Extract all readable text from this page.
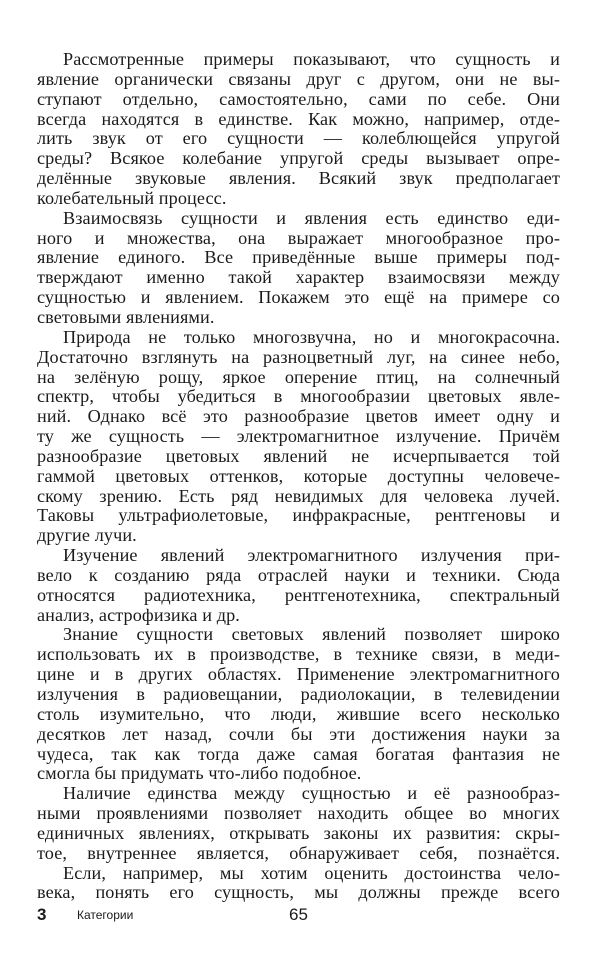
Рассмотренные примеры показывают, что сущность и
явление органически связаны друг с другом, они не вы-
ступают отдельно, самостоятельно, сами по себе. Они
всегда находятся в единстве. Как можно, например, отде-
лить звук от его сущности — колеблющейся упругой
среды? Всякое колебание упругой среды вызывает опре-
делённые звуковые явления. Всякий звук предполагает
колебательный процесс.
Взаимосвязь сущности и явления есть единство еди-
ного и множества, она выражает многообразное про-
явление единого. Все приведённые выше примеры под-
тверждают именно такой характер взаимосвязи между
сущностью и явлением. Покажем это ещё на примере со
световыми явлениями.
Природа не только многозвучна, но и многокрасочна.
Достаточно взглянуть на разноцветный луг, на синее небо,
на зелёную рощу, яркое оперение птиц, на солнечный
спектр, чтобы убедиться в многообразии цветовых явле-
ний. Однако всё это разнообразие цветов имеет одну и
ту же сущность — электромагнитное излучение. Причём
разнообразие цветовых явлений не исчерпывается той
гаммой цветовых оттенков, которые доступны человече-
скому зрению. Есть ряд невидимых для человека лучей.
Таковы ультрафиолетовые, инфракрасные, рентгеновы и
другие лучи.
Изучение явлений электромагнитного излучения при-
вело к созданию ряда отраслей науки и техники. Сюда
относятся радиотехника, рентгенотехника, спектральный
анализ, астрофизика и др.
Знание сущности световых явлений позволяет широко
использовать их в производстве, в технике связи, в меди-
цине и в других областях. Применение электромагнитного
излучения в радиовещании, радиолокации, в телевидении
столь изумительно, что люди, жившие всего несколько
десятков лет назад, сочли бы эти достижения науки за
чудеса, так как тогда даже самая богатая фантазия не
смогла бы придумать что-либо подобное.
Наличие единства между сущностью и её разнообраз-
ными проявлениями позволяет находить общее во многих
единичных явлениях, открывать законы их развития: скры-
тое, внутреннее является, обнаруживает себя, познаётся.
Если, например, мы хотим оценить достоинства чело-
века, понять его сущность, мы должны прежде всего
3	Категории	65
